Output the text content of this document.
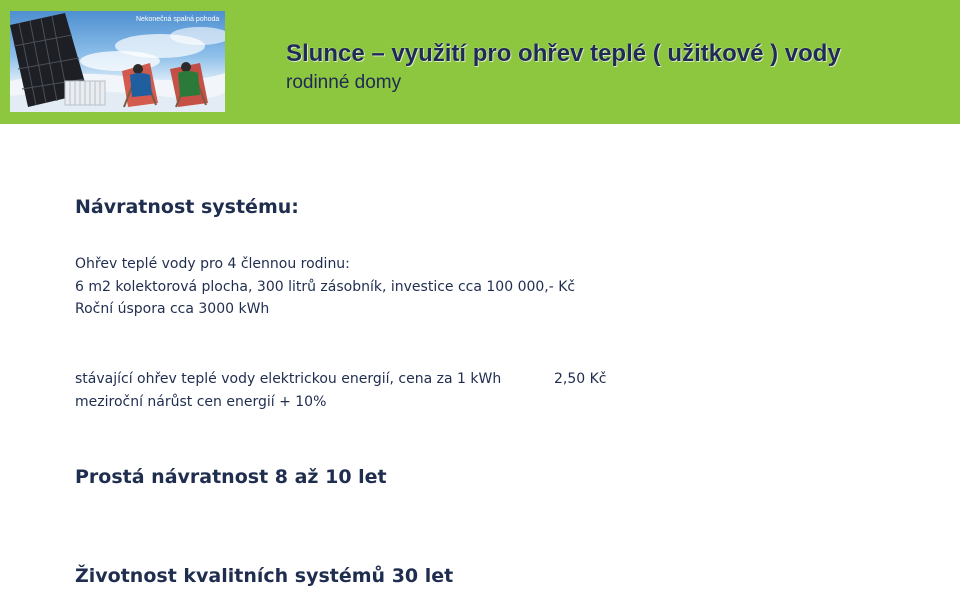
Nekonečná spalná pohoda
Slunce – využití pro ohřev teplé ( užitkové ) vody
rodinné domy
Návratnost systému:
Ohřev teplé vody pro 4 člennou rodinu:
6 m2 kolektorová plocha, 300 litrů zásobník, investice cca 100 000,- Kč
Roční úspora cca 3000 kWh
stávající ohřev teplé vody elektrickou energií, cena za 1 kWh	2,50 Kč
meziroční nárůst cen energií + 10%
Prostá návratnost 8 až 10 let
Životnost kvalitních systémů 30 let
